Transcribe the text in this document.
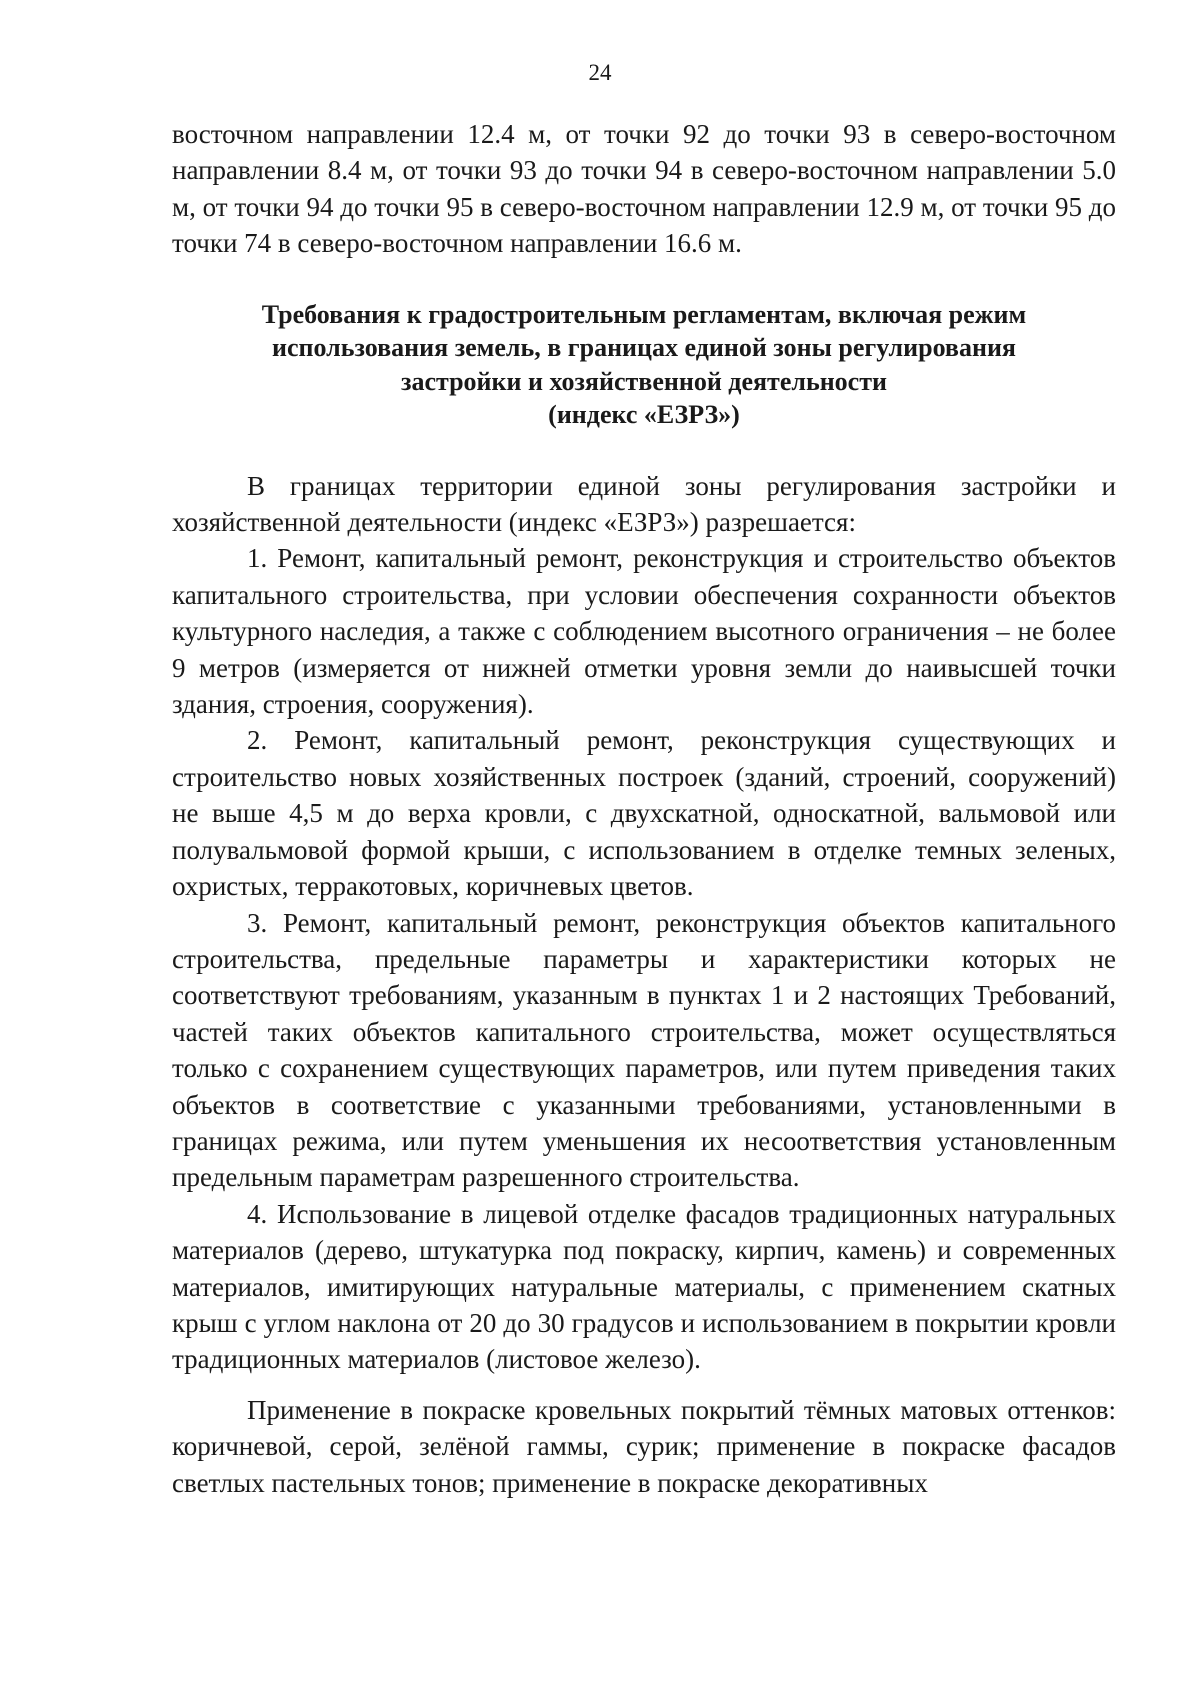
24

восточном направлении 12.4 м, от точки 92 до точки 93 в северо-восточном направлении 8.4 м, от точки 93 до точки 94 в северо-восточном направлении 5.0 м, от точки 94 до точки 95 в северо-восточном направлении 12.9 м, от точки 95 до точки 74 в северо-восточном направлении 16.6 м.

Требования к градостроительным регламентам, включая режим
использования земель, в границах единой зоны регулирования
застройки и хозяйственной деятельности
(индекс «ЕЗРЗ»)

В границах территории единой зоны регулирования застройки и хозяйственной деятельности (индекс «ЕЗРЗ») разрешается:

1. Ремонт, капитальный ремонт, реконструкция и строительство объектов капитального строительства, при условии обеспечения сохранности объектов культурного наследия, а также с соблюдением высотного ограничения – не более 9 метров (измеряется от нижней отметки уровня земли до наивысшей точки здания, строения, сооружения).

2. Ремонт, капитальный ремонт, реконструкция существующих и строительство новых хозяйственных построек (зданий, строений, сооружений) не выше 4,5 м до верха кровли, с двухскатной, односкатной, вальмовой или полувальмовой формой крыши, с использованием в отделке темных зеленых, охристых, терракотовых, коричневых цветов.

3. Ремонт, капитальный ремонт, реконструкция объектов капитального строительства, предельные параметры и характеристики которых не соответствуют требованиям, указанным в пунктах 1 и 2 настоящих Требований, частей таких объектов капитального строительства, может осуществляться только с сохранением существующих параметров, или путем приведения таких объектов в соответствие с указанными требованиями, установленными в границах режима, или путем уменьшения их несоответствия установленным предельным параметрам разрешенного строительства.

4. Использование в лицевой отделке фасадов традиционных натуральных материалов (дерево, штукатурка под покраску, кирпич, камень) и современных материалов, имитирующих натуральные материалы, с применением скатных крыш с углом наклона от 20 до 30 градусов и использованием в покрытии кровли традиционных материалов (листовое железо).

Применение в покраске кровельных покрытий тёмных матовых оттенков: коричневой, серой, зелёной гаммы, сурик; применение в покраске фасадов светлых пастельных тонов; применение в покраске декоративных
